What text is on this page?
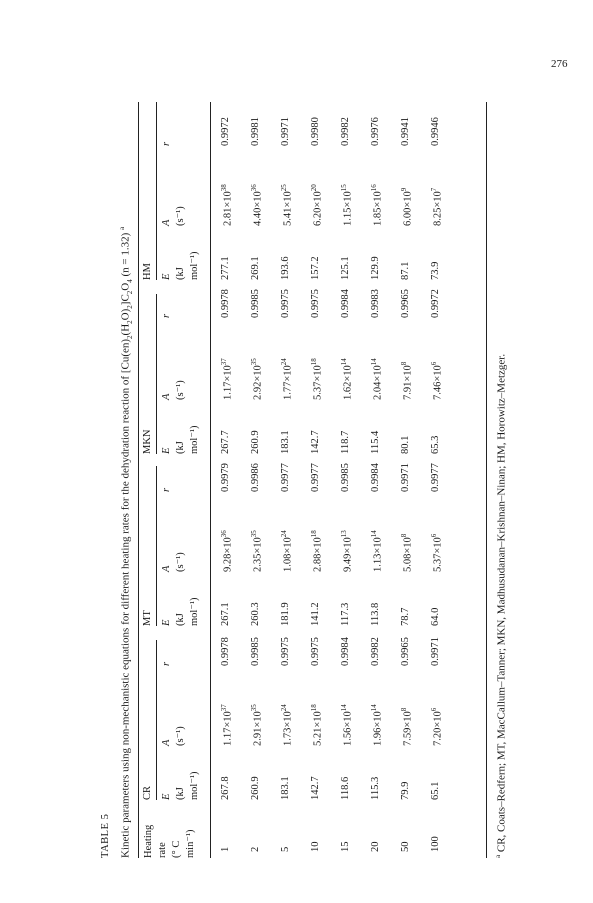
276
TABLE 5 Kinetic parameters using non-mechanistic equations for different heating rates for the dehydration reaction of $[Cu(en)_2(H_2O)_2]C_2O_4$ (n = 1.32) $^a$
CR
MT
MKN
HM
Heating rate (° C min⁻¹)
E (kJ mol⁻¹)
A (s⁻¹)
r
E (kJ mol⁻¹)
A (s⁻¹)
r
E (kJ mol⁻¹)
A (s⁻¹)
r
E (kJ mol⁻¹)
A (s⁻¹)
r
1
267.8
$1.17\times 10^{37}$
0.9978
267.1
$9.28\times 10^{36}$
0.9979
267.7
$1.17\times 10^{37}$
0.9978
277.1
$2.81\times 10^{38}$
0.9972
2
260.9
$2.91\times 10^{35}$
0.9985
260.3
$2.35\times 10^{35}$
0.9986
260.9
$2.92\times 10^{35}$
0.9985
269.1
$4.40\times 10^{36}$
0.9981
5
183.1
$1.73\times 10^{24}$
0.9975
181.9
$1.08\times 10^{24}$
0.9977
183.1
$1.77\times 10^{24}$
0.9975
193.6
$5.41\times 10^{25}$
0.9971
10
142.7
$5.21\times 10^{18}$
0.9975
141.2
$2.88\times 10^{18}$
0.9977
142.7
$5.37\times 10^{18}$
0.9975
157.2
$6.20\times 10^{20}$
0.9980
15
118.6
$1.56\times 10^{14}$
0.9984
117.3
$9.49\times 10^{13}$
0.9985
118.7
$1.62\times 10^{14}$
0.9984
125.1
$1.15\times 10^{15}$
0.9982
20
115.3
$1.96\times 10^{14}$
0.9982
113.8
$1.13\times 10^{14}$
0.9984
115.4
$2.04\times 10^{14}$
0.9983
129.9
$1.85\times 10^{16}$
0.9976
50
79.9
$7.59\times 10^8$
0.9965
78.7
$5.08\times 10^8$
0.9971
80.1
$7.91\times 10^8$
0.9965
87.1
$6.00\times 10^9$
0.9941
100
65.1
$7.20\times 10^6$
0.9971
64.0
$5.37\times 10^6$
0.9977
65.3
$7.46\times 10^6$
0.9972
73.9
$8.25\times 10^7$
0.9946
$^a$ CR, Coats–Redfern; MT, MacCallum–Tanner; MKN, Madhusudanan–Krishnan–Ninan; HM, Horowitz–Metzger.
